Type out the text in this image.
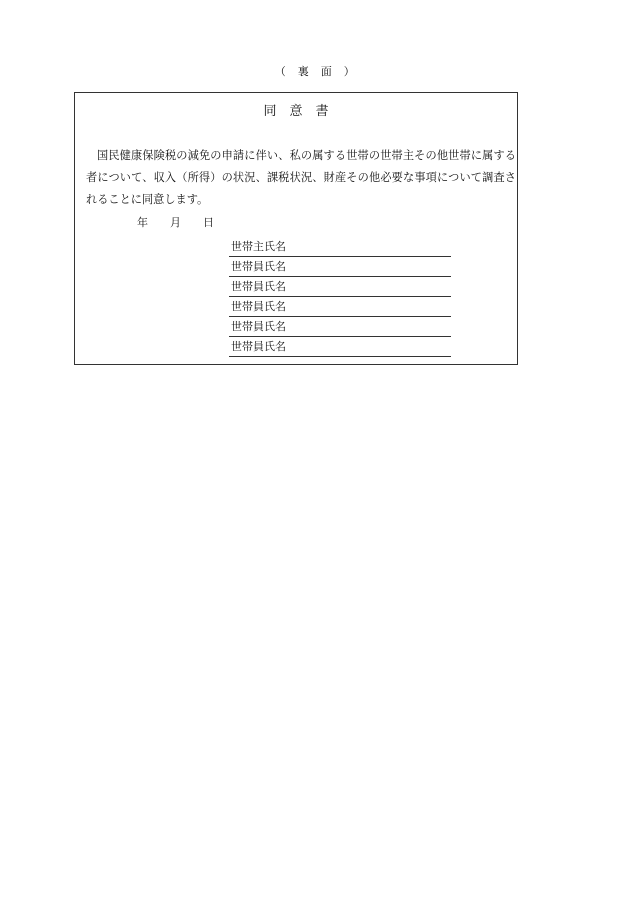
（　裏　面　）
同　意　書

国民健康保険税の減免の申請に伴い、私の属する世帯の世帯主その他世帯に属する者について、収入（所得）の状況、課税状況、財産その他必要な事項について調査されることに同意します。

年　　月　　日
世帯主氏名
世帯員氏名
世帯員氏名
世帯員氏名
世帯員氏名
世帯員氏名
